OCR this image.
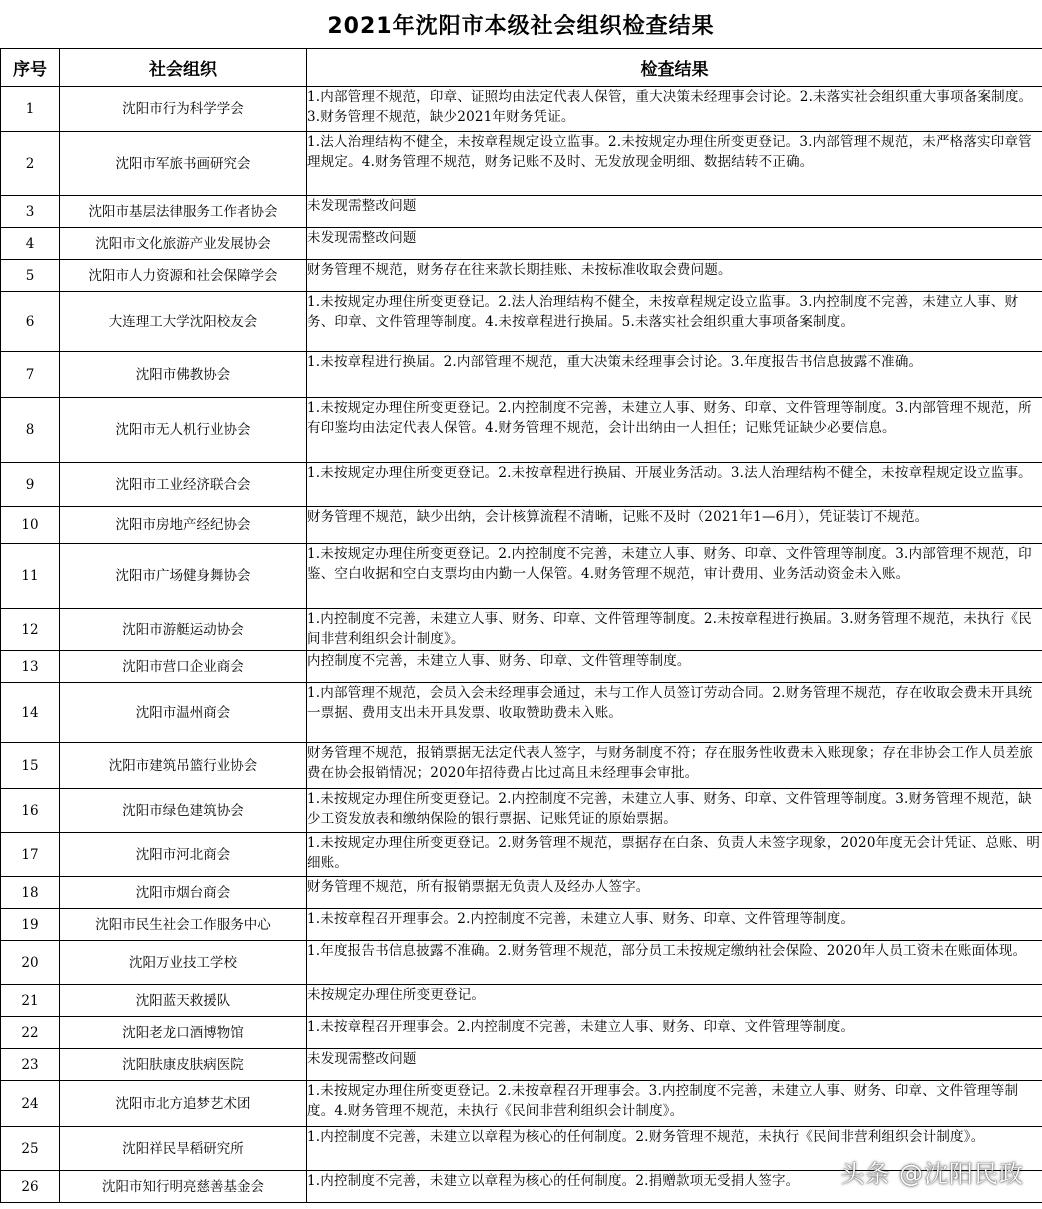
2021年沈阳市本级社会组织检查结果
序号	社会组织	检查结果
1	沈阳市行为科学学会	1.内部管理不规范，印章、证照均由法定代表人保管，重大决策未经理事会讨论。2.未落实社会组织重大事项备案制度。3.财务管理不规范，缺少2021年财务凭证。
2	沈阳市军旅书画研究会	1.法人治理结构不健全，未按章程规定设立监事。2.未按规定办理住所变更登记。3.内部管理不规范，未严格落实印章管理规定。4.财务管理不规范，财务记账不及时、无发放现金明细、数据结转不正确。
3	沈阳市基层法律服务工作者协会	未发现需整改问题
4	沈阳市文化旅游产业发展协会	未发现需整改问题
5	沈阳市人力资源和社会保障学会	财务管理不规范，财务存在往来款长期挂账、未按标准收取会费问题。
6	大连理工大学沈阳校友会	1.未按规定办理住所变更登记。2.法人治理结构不健全，未按章程规定设立监事。3.内控制度不完善，未建立人事、财务、印章、文件管理等制度。4.未按章程进行换届。5.未落实社会组织重大事项备案制度。
7	沈阳市佛教协会	1.未按章程进行换届。2.内部管理不规范，重大决策未经理事会讨论。3.年度报告书信息披露不准确。
8	沈阳市无人机行业协会	1.未按规定办理住所变更登记。2.内控制度不完善，未建立人事、财务、印章、文件管理等制度。3.内部管理不规范，所有印鉴均由法定代表人保管。4.财务管理不规范，会计出纳由一人担任；记账凭证缺少必要信息。
9	沈阳市工业经济联合会	1.未按规定办理住所变更登记。2.未按章程进行换届、开展业务活动。3.法人治理结构不健全，未按章程规定设立监事。
10	沈阳市房地产经纪协会	财务管理不规范，缺少出纳，会计核算流程不清晰，记账不及时（2021年1—6月），凭证装订不规范。
11	沈阳市广场健身舞协会	1.未按规定办理住所变更登记。2.内控制度不完善，未建立人事、财务、印章、文件管理等制度。3.内部管理不规范，印鉴、空白收据和空白支票均由内勤一人保管。4.财务管理不规范，审计费用、业务活动资金未入账。
12	沈阳市游艇运动协会	1.内控制度不完善，未建立人事、财务、印章、文件管理等制度。2.未按章程进行换届。3.财务管理不规范，未执行《民间非营利组织会计制度》。
13	沈阳市营口企业商会	内控制度不完善，未建立人事、财务、印章、文件管理等制度。
14	沈阳市温州商会	1.内部管理不规范，会员入会未经理事会通过，未与工作人员签订劳动合同。2.财务管理不规范，存在收取会费未开具统一票据、费用支出未开具发票、收取赞助费未入账。
15	沈阳市建筑吊篮行业协会	财务管理不规范，报销票据无法定代表人签字，与财务制度不符；存在服务性收费未入账现象；存在非协会工作人员差旅费在协会报销情况；2020年招待费占比过高且未经理事会审批。
16	沈阳市绿色建筑协会	1.未按规定办理住所变更登记。2.内控制度不完善，未建立人事、财务、印章、文件管理等制度。3.财务管理不规范，缺少工资发放表和缴纳保险的银行票据、记账凭证的原始票据。
17	沈阳市河北商会	1.未按规定办理住所变更登记。2.财务管理不规范，票据存在白条、负责人未签字现象，2020年度无会计凭证、总账、明细账。
18	沈阳市烟台商会	财务管理不规范，所有报销票据无负责人及经办人签字。
19	沈阳市民生社会工作服务中心	1.未按章程召开理事会。2.内控制度不完善，未建立人事、财务、印章、文件管理等制度。
20	沈阳万业技工学校	1.年度报告书信息披露不准确。2.财务管理不规范，部分员工未按规定缴纳社会保险、2020年人员工资未在账面体现。
21	沈阳蓝天救援队	未按规定办理住所变更登记。
22	沈阳老龙口酒博物馆	1.未按章程召开理事会。2.内控制度不完善，未建立人事、财务、印章、文件管理等制度。
23	沈阳肤康皮肤病医院	未发现需整改问题
24	沈阳市北方追梦艺术团	1.未按规定办理住所变更登记。2.未按章程召开理事会。3.内控制度不完善，未建立人事、财务、印章、文件管理等制度。4.财务管理不规范，未执行《民间非营利组织会计制度》。
25	沈阳祥民旱稻研究所	1.内控制度不完善，未建立以章程为核心的任何制度。2.财务管理不规范，未执行《民间非营利组织会计制度》。
26	沈阳市知行明亮慈善基金会	1.内控制度不完善，未建立以章程为核心的任何制度。2.捐赠款项无受捐人签字。 头条 @沈阳民政
